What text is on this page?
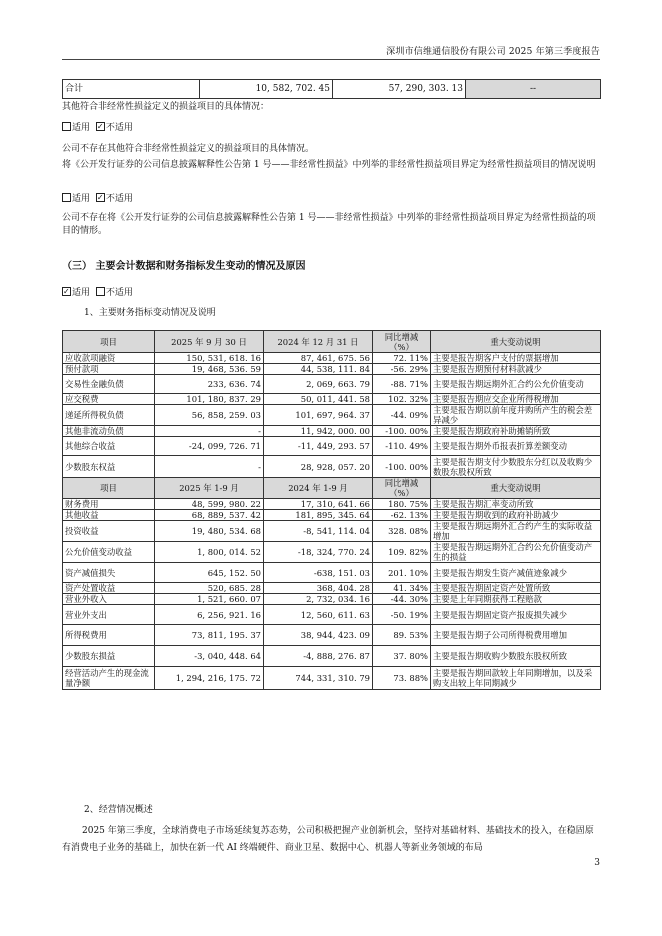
深圳市信维通信股份有限公司 2025 年第三季度报告
合计	10, 582, 702. 45	57, 290, 303. 13	--
其他符合非经常性损益定义的损益项目的具体情况：
适用 ✓ 不适用
公司不存在其他符合非经常性损益定义的损益项目的具体情况。
将《公开发行证券的公司信息披露解释性公告第 1 号——非经常性损益》中列举的非经常性损益项目界定为经常性损益项目的情况说明
适用 ✓ 不适用
公司不存在将《公开发行证券的公司信息披露解释性公告第 1 号——非经常性损益》中列举的非经常性损益项目界定为经常性损益的项目的情形。
（三） 主要会计数据和财务指标发生变动的情况及原因
✓适用 不适用
1、主要财务指标变动情况及说明
项目	2025 年 9 月 30 日	2024 年 12 月 31 日	同比增减（%）	重大变动说明
应收款项融资	150, 531, 618. 16	87, 461, 675. 56	72. 11%	主要是报告期客户支付的票据增加
预付款项	19, 468, 536. 59	44, 538, 111. 84	-56. 29%	主要是报告期预付材料款减少
交易性金融负债	233, 636. 74	2, 069, 663. 79	-88. 71%	主要是报告期远期外汇合约公允价值变动
应交税费	101, 180, 837. 29	50, 011, 441. 58	102. 32%	主要是报告期应交企业所得税增加
递延所得税负债	56, 858, 259. 03	101, 697, 964. 37	-44. 09%	主要是报告期以前年度并购所产生的税会差异减少
其他非流动负债	-	11, 942, 000. 00	-100. 00%	主要是报告期政府补助摊销所致
其他综合收益	-24, 099, 726. 71	-11, 449, 293. 57	-110. 49%	主要是报告期外币报表折算差额变动
少数股东权益	-	28, 928, 057. 20	-100. 00%	主要是报告期支付少数股东分红以及收购少数股东股权所致
项目	2025 年 1-9 月	2024 年 1-9 月	同比增减（%）	重大变动说明
财务费用	48, 599, 980. 22	17, 310, 641. 66	180. 75%	主要是报告期汇率变动所致
其他收益	68, 889, 537. 42	181, 895, 345. 64	-62. 13%	主要是报告期收到的政府补助减少
投资收益	19, 480, 534. 68	-8, 541, 114. 04	328. 08%	主要是报告期远期外汇合约产生的实际收益增加
公允价值变动收益	1, 800, 014. 52	-18, 324, 770. 24	109. 82%	主要是报告期远期外汇合约公允价值变动产生的损益
资产减值损失	645, 152. 50	-638, 151. 03	201. 10%	主要是报告期发生资产减值迹象减少
资产处置收益	520, 685. 28	368, 404. 28	41. 34%	主要是报告期固定资产处置所致
营业外收入	1, 521, 660. 07	2, 732, 034. 16	-44. 30%	主要是上年同期获得工程赔款
营业外支出	6, 256, 921. 16	12, 560, 611. 63	-50. 19%	主要是报告期固定资产报废损失减少
所得税费用	73, 811, 195. 37	38, 944, 423. 09	89. 53%	主要是报告期子公司所得税费用增加
少数股东损益	-3, 040, 448. 64	-4, 888, 276. 87	37. 80%	主要是报告期收购少数股东股权所致
经营活动产生的现金流量净额	1, 294, 216, 175. 72	744, 331, 310. 79	73. 88%	主要是报告期回款较上年同期增加，以及采购支出较上年同期减少
2、经营情况概述
2025 年第三季度，全球消费电子市场延续复苏态势，公司积极把握产业创新机会，坚持对基础材料、基础技术的投入，在稳固原有消费电子业务的基础上，加快在新一代 AI 终端硬件、商业卫星、数据中心、机器人等新业务领域的布局
3
